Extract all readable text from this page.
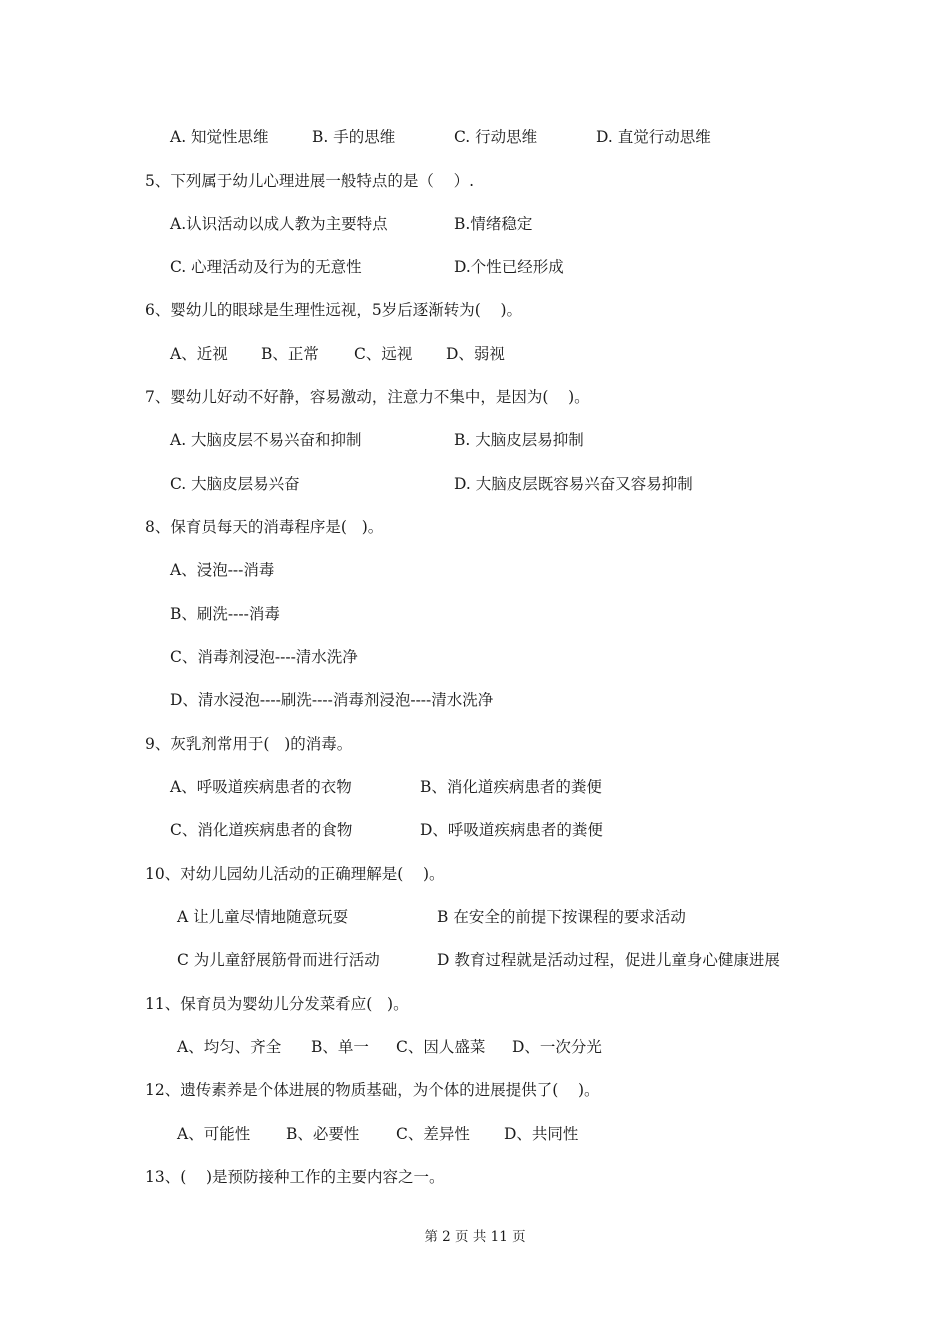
A. 知觉性思维	B. 手的思维	C. 行动思维	D. 直觉行动思维
5、下列属于幼儿心理进展一般特点的是（    ）.
A.认识活动以成人教为主要特点	B.情绪稳定
C. 心理活动及行为的无意性	D.个性已经形成
6、婴幼儿的眼球是生理性远视，5岁后逐渐转为(    )。
A、近视 B、正常 C、远视 D、弱视
7、婴幼儿好动不好静，容易激动，注意力不集中，是因为(    )。
A. 大脑皮层不易兴奋和抑制	B. 大脑皮层易抑制
C. 大脑皮层易兴奋	D. 大脑皮层既容易兴奋又容易抑制
8、保育员每天的消毒程序是(   )。
A、浸泡---消毒
B、刷洗----消毒
C、消毒剂浸泡----清水洗净
D、清水浸泡----刷洗----消毒剂浸泡----清水洗净
9、灰乳剂常用于(   )的消毒。
A、呼吸道疾病患者的衣物	B、消化道疾病患者的粪便
C、消化道疾病患者的食物	D、呼吸道疾病患者的粪便
10、对幼儿园幼儿活动的正确理解是(    )。
A 让儿童尽情地随意玩耍	B 在安全的前提下按课程的要求活动
C 为儿童舒展筋骨而进行活动	D 教育过程就是活动过程，促进儿童身心健康进展
11、保育员为婴幼儿分发菜肴应(   )。
A、均匀、齐全 B、单一 C、因人盛菜 D、一次分光
12、遗传素养是个体进展的物质基础，为个体的进展提供了(    )。
A、可能性 B、必要性 C、差异性 D、共同性
13、(    )是预防接种工作的主要内容之一。
第 2 页 共 11 页
